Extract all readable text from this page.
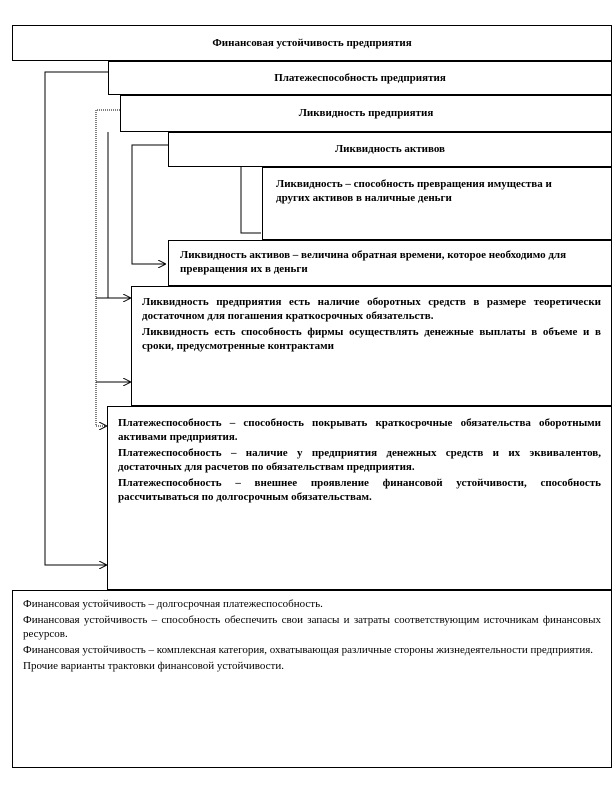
Финансовая устойчивость предприятия
Платежеспособность предприятия
Ликвидность предприятия
Ликвидность активов
Ликвидность – способность превращения имущества и других активов в наличные деньги
Ликвидность активов – величина обратная времени, которое необходимо для превращения их в деньги

Ликвидность предприятия есть наличие оборотных средств в размере теоретически достаточном для погашения краткосрочных обязательств.

Ликвидность есть способность фирмы осуществлять денежные выплаты в объеме и в сроки, предусмотренные контрактами

Платежеспособность – способность покрывать краткосрочные обязательства оборотными активами предприятия.

Платежеспособность – наличие у предприятия денежных средств и их эквивалентов, достаточных для расчетов по обязательствам предприятия.

Платежеспособность – внешнее проявление финансовой устойчивости, способность рассчитываться по долгосрочным обязательствам.

Финансовая устойчивость – долгосрочная платежеспособность.

Финансовая устойчивость – способность обеспечить свои запасы и затраты соответствующим источникам финансовых ресурсов.

Финансовая устойчивость – комплексная категория, охватывающая различные стороны жизнедеятельности предприятия.

Прочие варианты трактовки финансовой устойчивости.
